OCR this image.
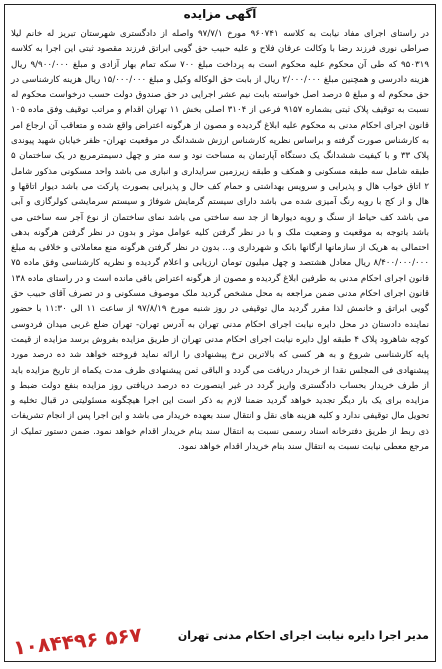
آگهی مزایده

در راستای اجرای مفاد نیابت به کلاسه ۹۶۰۷۴۱ مورخ ۹۷/۷/۱ واصله از دادگستری شهرستان تبریز له خانم لیلا صراطی نوری فرزند رضا با وکالت عرفان فلاح و علیه حبیب حق گویی ابراتق فرزند مقصود ثبتی این اجرا به کلاسه ۹۵۰۳۱۹ که طی آن محکوم علیه محکوم است به پرداخت مبلغ ۷۰۰ سکه تمام بهار آزادی و مبلغ ۹/۹۰۰/۰۰۰ ریال هزینه دادرسی و همچنین مبلغ ۲/۰۰۰/۰۰۰ ریال از بابت حق الوکاله وکیل و مبلغ ۱۵/۰۰۰/۰۰۰ ریال هزینه کارشناسی در حق محکوم له و مبلغ ۵ درصد اصل خواسته بابت نیم عشر اجرایی در حق صندوق دولت حسب درخواست محکوم له نسبت به توقیف پلاک ثبتی بشماره ۹۱۵۷ فرعی از ۳۱۰۴ اصلی بخش ۱۱ تهران اقدام و مراتب توقیف وفق ماده ۱۰۵ قانون اجرای احکام مدنی به محکوم علیه ابلاغ گردیده و مصون از هرگونه اعتراض واقع شده و متعاقب آن ارجاع امر به کارشناس صورت گرفته و براساس نظریه کارشناس ارزش ششدانگ در موقعیت تهران- ظفر خیابان شهید پیوندی پلاک ۳۳ و با کیفیت ششدانگ یک دستگاه آپارتمان به مساحت نود و سه متر و چهل دسیمترمربع در یک ساختمان ۵ طبقه شامل سه طبقه مسکونی و همکف و طبقه زیرزمین سرایداری و انباری می باشد واحد مسکونی مذکور شامل ۲ اتاق خواب هال و پذیرایی و سرویس بهداشتی و حمام کف حال و پذیرایی بصورت پارکت می باشد دیوار اتاقها و هال و از کج با رویه رنگ آمیزی شده می باشد دارای سیستم گرمایش شوفاژ و سیستم سرمایشی کولرگازی و آبی می باشد کف حیاط از سنگ و رویه دیوارها از جد سه ساختی می باشد نمای ساختمان از نوع آجر سه ساختی می باشد باتوجه به موقعیت و وضعیت ملک و با در نظر گرفتن کلیه عوامل موثر و بدون در نظر گرفتن هرگونه بدهی احتمالی به هریک از سازمانها ارگانها بانک و شهرداری و... بدون در نظر گرفتن هرگونه منع معاملاتی و خلافی به مبلغ ۸/۴۰۰/۰۰۰/۰۰۰ ریال معادل هشتصد و چهل میلیون تومان ارزیابی و اعلام گردیده و نظریه کارشناسی وفق ماده ۷۵ قانون اجرای احکام مدنی به طرفین ابلاغ گردیده و مصون از هرگونه اعتراض باقی مانده است و در راستای ماده ۱۳۸ قانون اجرای احکام مدنی ضمن مراجعه به محل مشخص گردید ملک موصوف مسکونی و در تصرف آقای حبیب حق گویی ابراتق و خانمش لذا مقرر گردید مال توقیفی در روز شنبه مورخ ۹۷/۸/۱۹ از ساعت ۱۱ الی ۱۱:۳۰ با حضور نماینده دادستان در محل دایره نیابت اجرای احکام مدنی تهران به آدرس تهران- تهران ضلع غربی میدان فردوسی کوچه شاهرود پلاک ۴ طبقه اول دایره نیابت اجرای احکام مدنی تهران از طریق مزایده بفروش برسد مزایده از قیمت پایه کارشناسی شروع و به هر کسی که بالاترین نرخ پیشنهادی را ارائه نماید فروخته خواهد شد ده درصد مورد پیشنهادی فی المجلس نقدا از خریدار دریافت می گردد و الباقی ثمن پیشنهادی ظرف مدت یکماه از تاریخ مزایده باید از طرف خریدار بحساب دادگستری واریز گردد در غیر اینصورت ده درصد دریافتی روز مزایده بنفع دولت ضبط و مزایده برای یک بار دیگر تجدید خواهد گردید ضمنا لازم به ذکر است این اجرا هیچگونه مسئولیتی در قبال تخلیه و تحویل مال توقیفی ندارد و کلیه هزینه های نقل و انتقال سند بعهده خریدار می باشد و این اجرا پس از انجام تشریفات ذی ربط از طریق دفترخانه اسناد رسمی نسبت به انتقال سند بنام خریدار اقدام خواهد نمود. ضمن دستور تملیک از مرجع معطی نیابت نسبت به انتقال سند بنام خریدار اقدام خواهد نمود.

مدیر اجرا دایره نیابت اجرای احکام مدنی تهران
۱۰۸۴۴۹۶ ۵۶۷
